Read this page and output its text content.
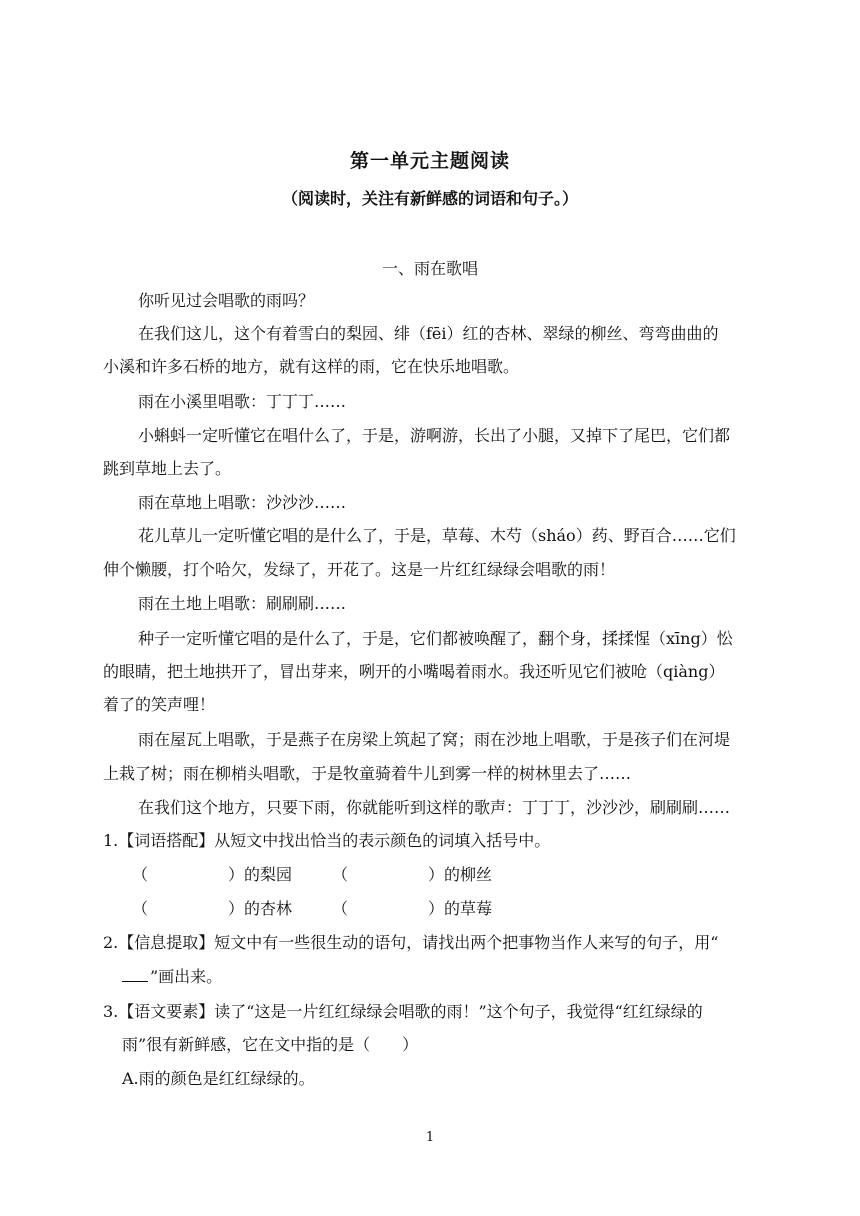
第一单元主题阅读
（阅读时，关注有新鲜感的词语和句子。）
一、雨在歌唱
你听见过会唱歌的雨吗？
在我们这儿，这个有着雪白的梨园、绯（fēi）红的杏林、翠绿的柳丝、弯弯曲曲的
小溪和许多石桥的地方，就有这样的雨，它在快乐地唱歌。
雨在小溪里唱歌：丁丁丁……
小蝌蚪一定听懂它在唱什么了，于是，游啊游，长出了小腿，又掉下了尾巴，它们都
跳到草地上去了。
雨在草地上唱歌：沙沙沙……
花儿草儿一定听懂它唱的是什么了，于是，草莓、木芍（sháo）药、野百合……它们
伸个懒腰，打个哈欠，发绿了，开花了。这是一片红红绿绿会唱歌的雨！
雨在土地上唱歌：刷刷刷……
种子一定听懂它唱的是什么了，于是，它们都被唤醒了，翻个身，揉揉惺（xīng）忪
的眼睛，把土地拱开了，冒出芽来，咧开的小嘴喝着雨水。我还听见它们被呛（qiàng）
着了的笑声哩！
雨在屋瓦上唱歌，于是燕子在房梁上筑起了窝；雨在沙地上唱歌，于是孩子们在河堤
上栽了树；雨在柳梢头唱歌，于是牧童骑着牛儿到雾一样的树林里去了……
在我们这个地方，只要下雨，你就能听到这样的歌声：丁丁丁，沙沙沙，刷刷刷……
1.【词语搭配】从短文中找出恰当的表示颜色的词填入括号中。
（　　　　　）的梨园　　　（　　　　　）的柳丝
（　　　　　）的杏林　　　（　　　　　）的草莓
2.【信息提取】短文中有一些很生动的语句，请找出两个把事物当作人来写的句子，用“
”画出来。
3.【语文要素】读了“这是一片红红绿绿会唱歌的雨！”这个句子，我觉得“红红绿绿的
雨”很有新鲜感，它在文中指的是（　　）
A.雨的颜色是红红绿绿的。
1
